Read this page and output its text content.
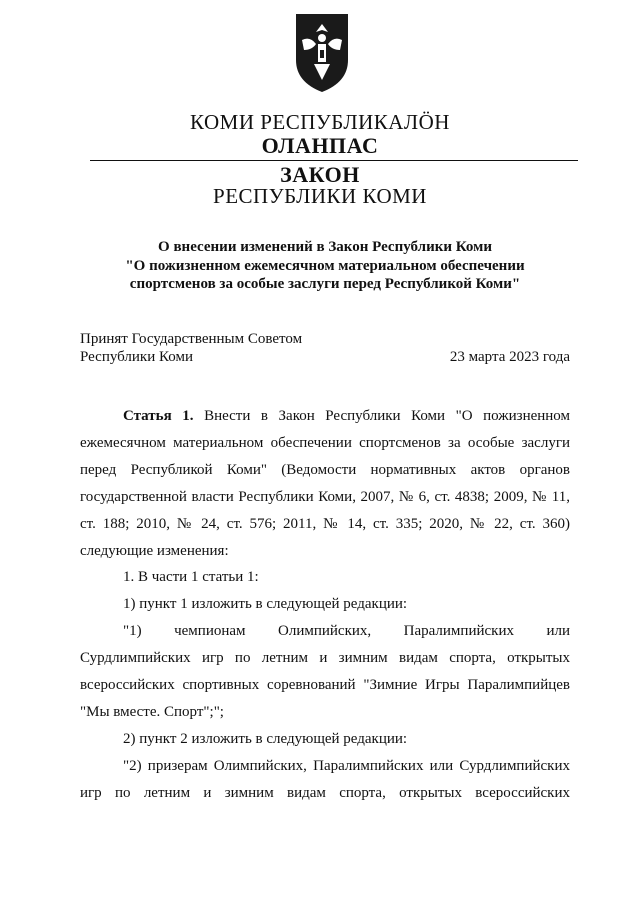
КОМИ РЕСПУБЛИКАЛÖН
ОЛАНПАС
ЗАКОН
РЕСПУБЛИКИ КОМИ
О внесении изменений в Закон Республики Коми
"О пожизненном ежемесячном материальном обеспечении
спортсменов за особые заслуги перед Республикой Коми"
Принят Государственным Советом
Республики Коми	23 марта 2023 года

Статья 1. Внести в Закон Республики Коми "О пожизненном

ежемесячном материальном обеспечении спортсменов за особые заслуги

перед Республикой Коми" (Ведомости нормативных актов органов

государственной власти Республики Коми, 2007, № 6, ст. 4838; 2009, № 11,

ст. 188; 2010, № 24, ст. 576; 2011, № 14, ст. 335; 2020, № 22, ст. 360)

следующие изменения:

1. В части 1 статьи 1:

1) пункт 1 изложить в следующей редакции:

"1) чемпионам Олимпийских, Паралимпийских или

Сурдлимпийских игр по летним и зимним видам спорта, открытых

всероссийских спортивных соревнований "Зимние Игры Паралимпийцев

"Мы вместе. Спорт";";

2) пункт 2 изложить в следующей редакции:

"2) призерам Олимпийских, Паралимпийских или Сурдлимпийских

игр по летним и зимним видам спорта, открытых всероссийских
